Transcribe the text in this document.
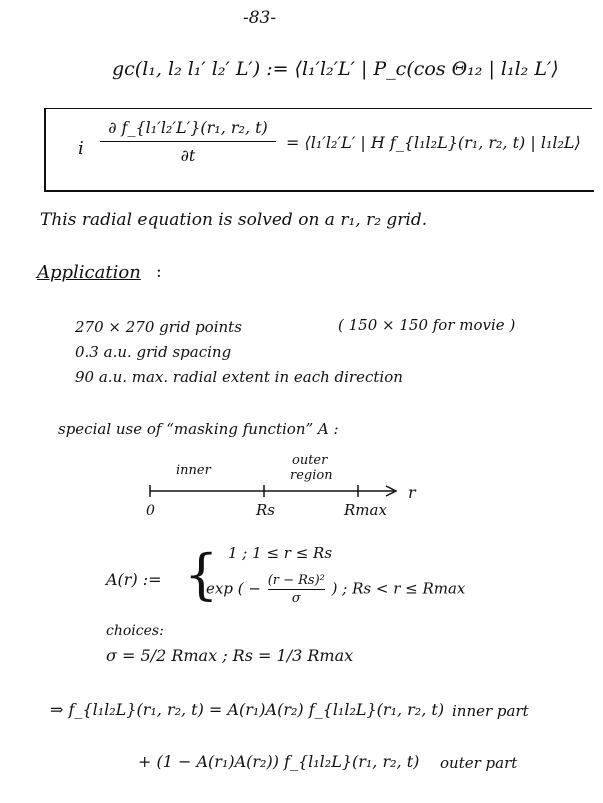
-83-
gc(l₁, l₂ l₁′ l₂′ L′) := ⟨l₁′l₂′L′ | P_c(cos Θ₁₂ | l₁l₂ L′⟩
i
∂ f_{l₁′l₂′L′}(r₁, r₂, t)
∂t
= ⟨l₁′l₂′L′ | H f_{l₁l₂L}(r₁, r₂, t) | l₁l₂L⟩
This radial equation is solved on a r₁, r₂ grid.
Application :
270 × 270 grid points
0.3 a.u. grid spacing
90 a.u. max. radial extent in each direction
( 150 × 150 for movie )
special use of “masking function” A :
inner
outer
region
0	Rs	Rmax
r
A(r) := { 1 ; 1 ≤ r ≤ Rs
exp ( − $\frac{\text{(r − Rs)²}}{\sigma}$ ) ; Rs < r ≤ Rmax
choices:
σ = 5/2 Rmax ; Rs = 1/3 Rmax
⇒ f_{l₁l₂L}(r₁, r₂, t) = A(r₁)A(r₂) f_{l₁l₂L}(r₁, r₂, t) inner part
+ (1 − A(r₁)A(r₂)) f_{l₁l₂L}(r₁, r₂, t) outer part
